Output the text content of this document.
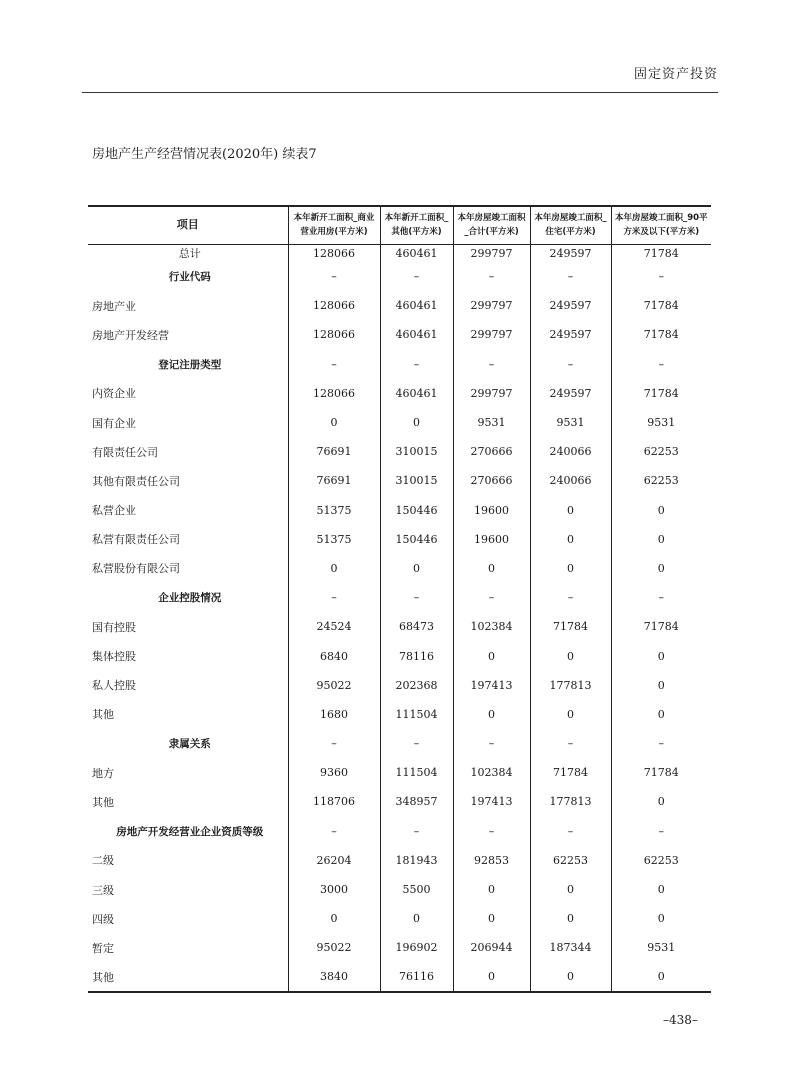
固定资产投资
房地产生产经营情况表(2020年) 续表7
项目	本年新开工面积_商业营业用房(平方米)	本年新开工面积_其他(平方米)	本年房屋竣工面积_合计(平方米)	本年房屋竣工面积_住宅(平方米)	本年房屋竣工面积_90平方米及以下(平方米)
总计	128066	460461	299797	249597	71784
行业代码	–	–	–	–	–
房地产业	128066	460461	299797	249597	71784
房地产开发经营	128066	460461	299797	249597	71784
登记注册类型	–	–	–	–	–
内资企业	128066	460461	299797	249597	71784
国有企业	0	0	9531	9531	9531
有限责任公司	76691	310015	270666	240066	62253
其他有限责任公司	76691	310015	270666	240066	62253
私营企业	51375	150446	19600	0	0
私营有限责任公司	51375	150446	19600	0	0
私营股份有限公司	0	0	0	0	0
企业控股情况	–	–	–	–	–
国有控股	24524	68473	102384	71784	71784
集体控股	6840	78116	0	0	0
私人控股	95022	202368	197413	177813	0
其他	1680	111504	0	0	0
隶属关系	–	–	–	–	–
地方	9360	111504	102384	71784	71784
其他	118706	348957	197413	177813	0
房地产开发经营业企业资质等级	–	–	–	–	–
二级	26204	181943	92853	62253	62253
三级	3000	5500	0	0	0
四级	0	0	0	0	0
暂定	95022	196902	206944	187344	9531
其他	3840	76116	0	0	0
–438–
